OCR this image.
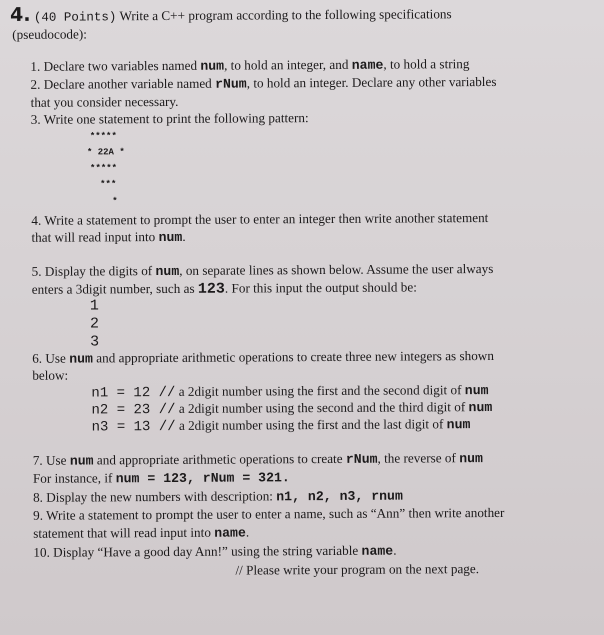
4. (40 Points) Write a C++ program according to the following specifications
(pseudocode):
1. Declare two variables named num, to hold an integer, and name, to hold a string
2. Declare another variable named rNum, to hold an integer. Declare any other variables
that you consider necessary.
3. Write one statement to print the following pattern:
*****
* 22A *
*****
***
*
4. Write a statement to prompt the user to enter an integer then write another statement
that will read input into num.
5. Display the digits of num, on separate lines as shown below. Assume the user always
enters a 3digit number, such as 123. For this input the output should be:
1
2
3
6. Use num and appropriate arithmetic operations to create three new integers as shown
below:
n1 = 12 // a 2digit number using the first and the second digit of num
n2 = 23 // a 2digit number using the second and the third digit of num
n3 = 13 // a 2digit number using the first and the last digit of num
7. Use num and appropriate arithmetic operations to create rNum, the reverse of num
For instance, if num = 123, rNum = 321.
8. Display the new numbers with description: n1, n2, n3, rnum
9. Write a statement to prompt the user to enter a name, such as “Ann” then write another
statement that will read input into name.
10. Display “Have a good day Ann!” using the string variable name.
// Please write your program on the next page.
